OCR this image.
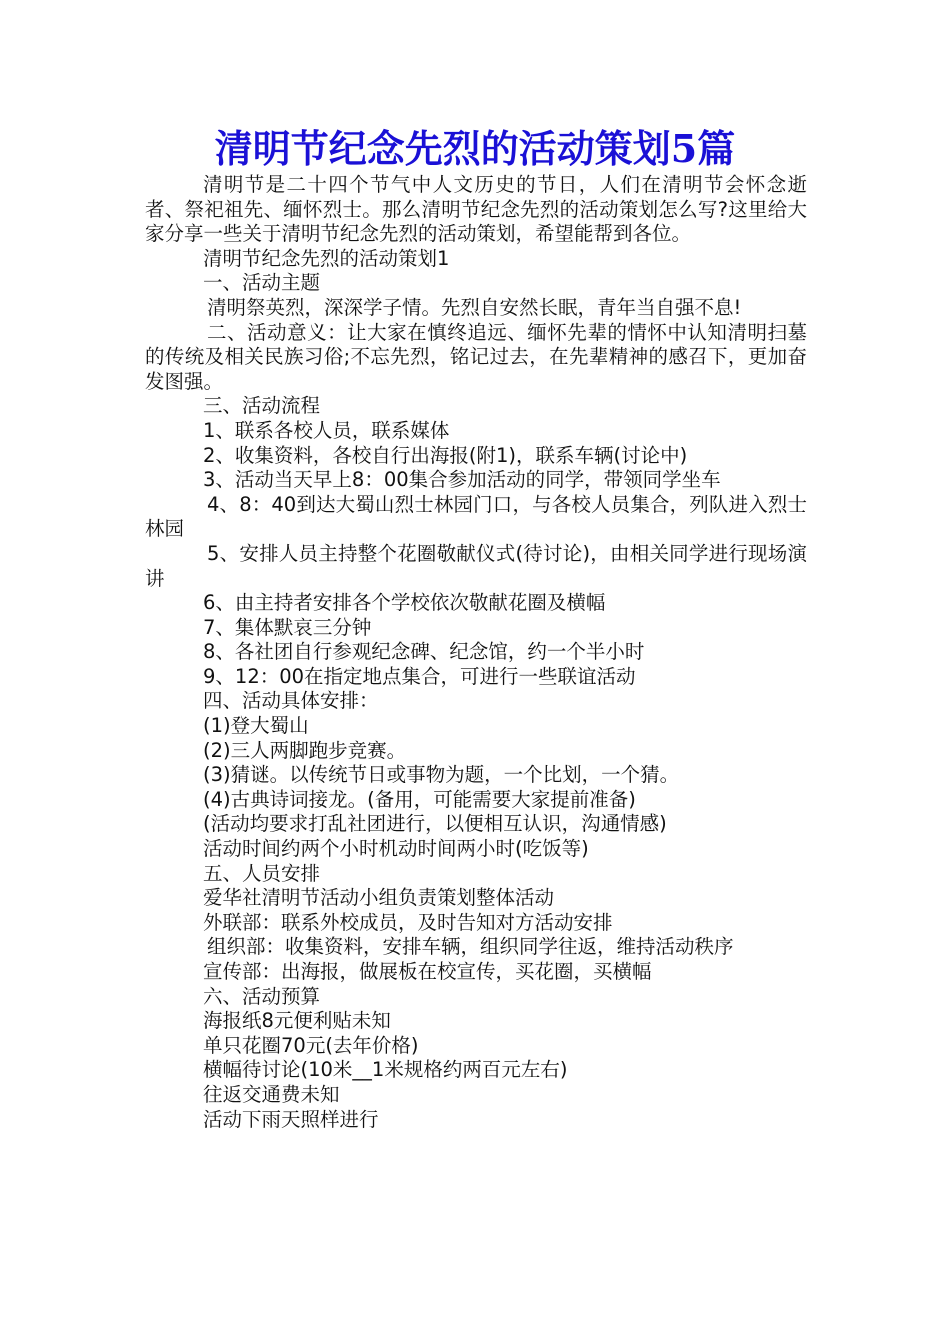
清明节纪念先烈的活动策划5篇

清明节是二十四个节气中人文历史的节日，人们在清明节会怀念逝者、祭祀祖先、缅怀烈士。那么清明节纪念先烈的活动策划怎么写?这里给大家分享一些关于清明节纪念先烈的活动策划，希望能帮到各位。

清明节纪念先烈的活动策划1

一、活动主题

清明祭英烈，深深学子情。先烈自安然长眠，青年当自强不息!

二、活动意义：让大家在慎终追远、缅怀先辈的情怀中认知清明扫墓的传统及相关民族习俗;不忘先烈，铭记过去，在先辈精神的感召下，更加奋发图强。

三、活动流程

1、联系各校人员，联系媒体

2、收集资料，各校自行出海报(附1)，联系车辆(讨论中)

3、活动当天早上8：00集合参加活动的同学，带领同学坐车

4、8：40到达大蜀山烈士林园门口，与各校人员集合，列队进入烈士林园

5、安排人员主持整个花圈敬献仪式(待讨论)，由相关同学进行现场演讲

6、由主持者安排各个学校依次敬献花圈及横幅

7、集体默哀三分钟

8、各社团自行参观纪念碑、纪念馆，约一个半小时

9、12：00在指定地点集合，可进行一些联谊活动

四、活动具体安排：

(1)登大蜀山

(2)三人两脚跑步竞赛。

(3)猜谜。以传统节日或事物为题，一个比划，一个猜。

(4)古典诗词接龙。(备用，可能需要大家提前准备)

(活动均要求打乱社团进行，以便相互认识，沟通情感)

活动时间约两个小时机动时间两小时(吃饭等)

五、人员安排

爱华社清明节活动小组负责策划整体活动

外联部：联系外校成员，及时告知对方活动安排

组织部：收集资料，安排车辆，组织同学往返，维持活动秩序

宣传部：出海报，做展板在校宣传，买花圈，买横幅

六、活动预算

海报纸8元便利贴未知

单只花圈70元(去年价格)

横幅待讨论(10米__1米规格约两百元左右)

往返交通费未知

活动下雨天照样进行
